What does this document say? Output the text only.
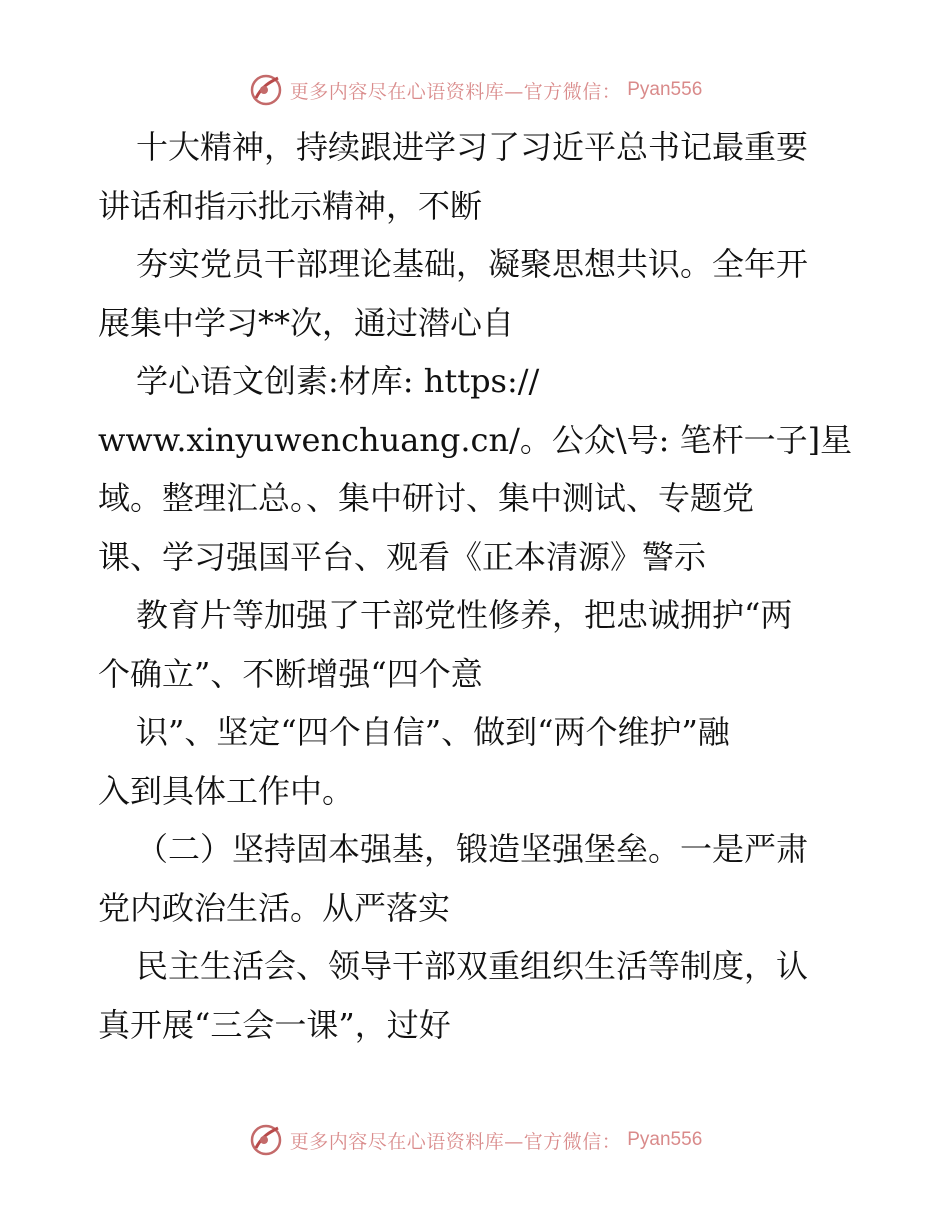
更多内容尽在心语资料库—官方微信： Pyan556
十大精神，持续跟进学习了习近平总书记最重要
讲话和指示批示精神，不断
夯实党员干部理论基础，凝聚思想共识。全年开
展集中学习**次，通过潜心自
学心语文创素:材库: https://
www.xinyuwenchuang.cn/。公众\号: 笔杆一子]星
域。整理汇总。、集中研讨、集中测试、专题党
课、学习强国平台、观看《正本清源》警示
教育片等加强了干部党性修养，把忠诚拥护“两
个确立”、不断增强“四个意
识”、坚定“四个自信”、做到“两个维护”融
入到具体工作中。
（二）坚持固本强基，锻造坚强堡垒。一是严肃
党内政治生活。从严落实
民主生活会、领导干部双重组织生活等制度，认
真开展“三会一课”，过好
更多内容尽在心语资料库—官方微信： Pyan556
